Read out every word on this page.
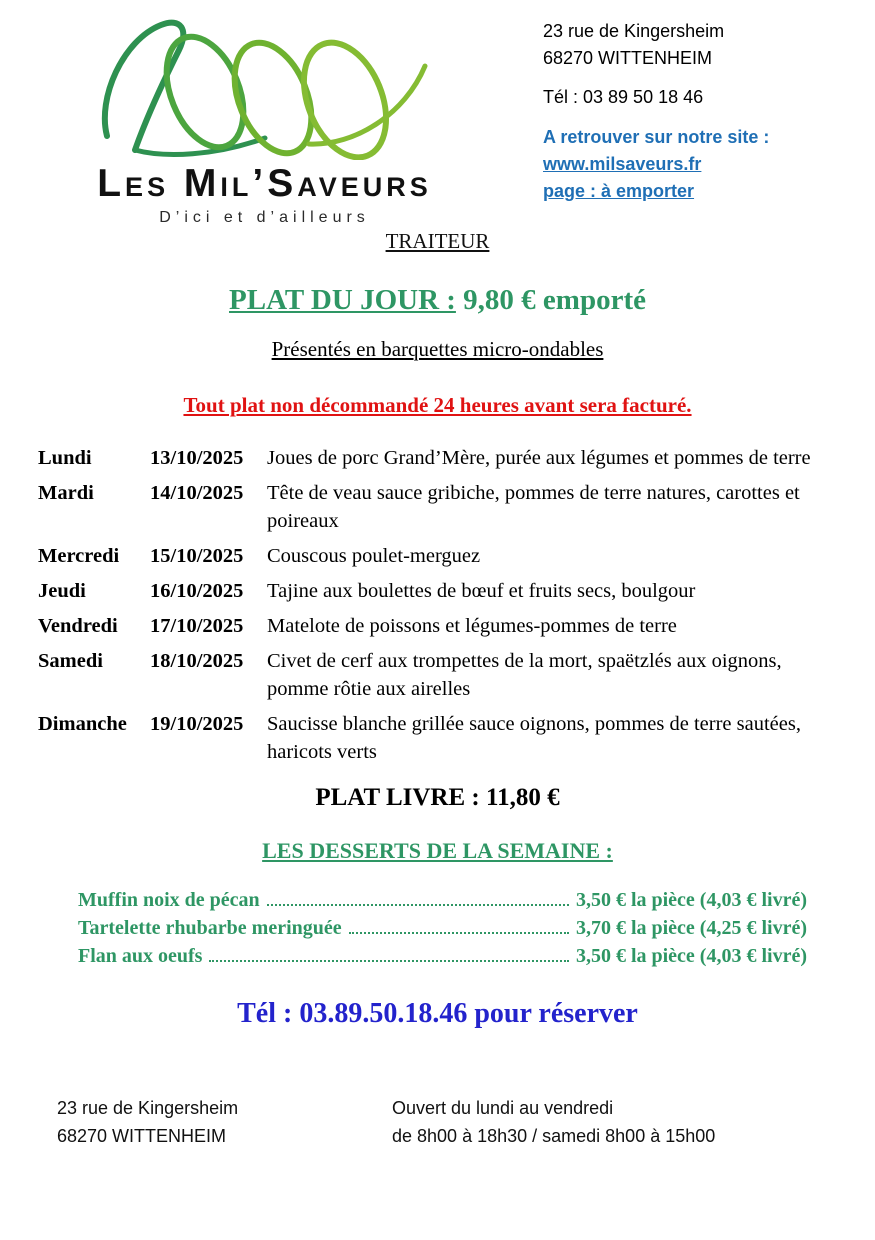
Les Mil’Saveurs
D’ici et d’ailleurs
TRAITEUR
23 rue de Kingersheim
68270 WITTENHEIM
Tél : 03 89 50 18 46
A retrouver sur notre site :
www.milsaveurs.fr
page : à emporter
PLAT DU JOUR : 9,80 € emporté
Présentés en barquettes micro-ondables
Tout plat non décommandé 24 heures avant sera facturé.
Lundi	13/10/2025	Joues de porc Grand’Mère, purée aux légumes et pommes de terre
Mardi	14/10/2025	Tête de veau sauce gribiche, pommes de terre natures, carottes et poireaux
Mercredi	15/10/2025	Couscous poulet-merguez
Jeudi	16/10/2025	Tajine aux boulettes de bœuf et fruits secs, boulgour
Vendredi	17/10/2025	Matelote de poissons et légumes-pommes de terre
Samedi	18/10/2025	Civet de cerf aux trompettes de la mort, spaëtzlés aux oignons, pomme rôtie aux airelles
Dimanche	19/10/2025	Saucisse blanche grillée sauce oignons, pommes de terre sautées, haricots verts
PLAT LIVRE : 11,80 €
LES DESSERTS DE LA SEMAINE :
Muffin noix de pécan	3,50 € la pièce (4,03 € livré)
Tartelette rhubarbe meringuée	3,70 € la pièce (4,25 € livré)
Flan aux oeufs	3,50 € la pièce (4,03 € livré)
Tél : 03.89.50.18.46 pour réserver
23 rue de Kingersheim
68270 WITTENHEIM
Ouvert du lundi au vendredi
de 8h00 à 18h30 / samedi 8h00 à 15h00
